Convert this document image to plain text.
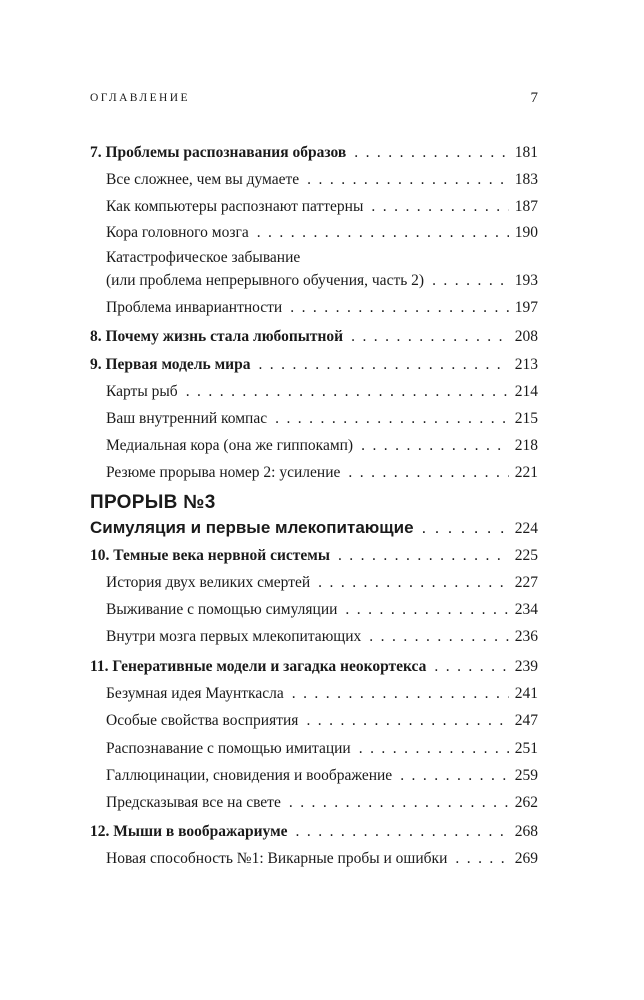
ОГЛАВЛЕНИЕ	7
7. Проблемы распознавания образов . . .	181
Все сложнее, чем вы думаете . . .	183
Как компьютеры распознают паттерны . . .	187
Кора головного мозга . . .	190
Катастрофическое забывание
(или проблема непрерывного обучения, часть 2) . . .	193
Проблема инвариантности . . .	197
8. Почему жизнь стала любопытной . . .	208
9. Первая модель мира . . .	213
Карты рыб . . .	214
Ваш внутренний компас . . .	215
Медиальная кора (она же гиппокамп) . . .	218
Резюме прорыва номер 2: усиление . . .	221
ПРОРЫВ №3
Симуляция и первые млекопитающие . . .	224
10. Темные века нервной системы . . .	225
История двух великих смертей . . .	227
Выживание с помощью симуляции . . .	234
Внутри мозга первых млекопитающих . . .	236
11. Генеративные модели и загадка неокортекса . . .	239
Безумная идея Маунткасла . . .	241
Особые свойства восприятия . . .	247
Распознавание с помощью имитации . . .	251
Галлюцинации, сновидения и воображение . . .	259
Предсказывая все на свете . . .	262
12. Мыши в воображариуме . . .	268
Новая способность №1: Викарные пробы и ошибки . . .	269
